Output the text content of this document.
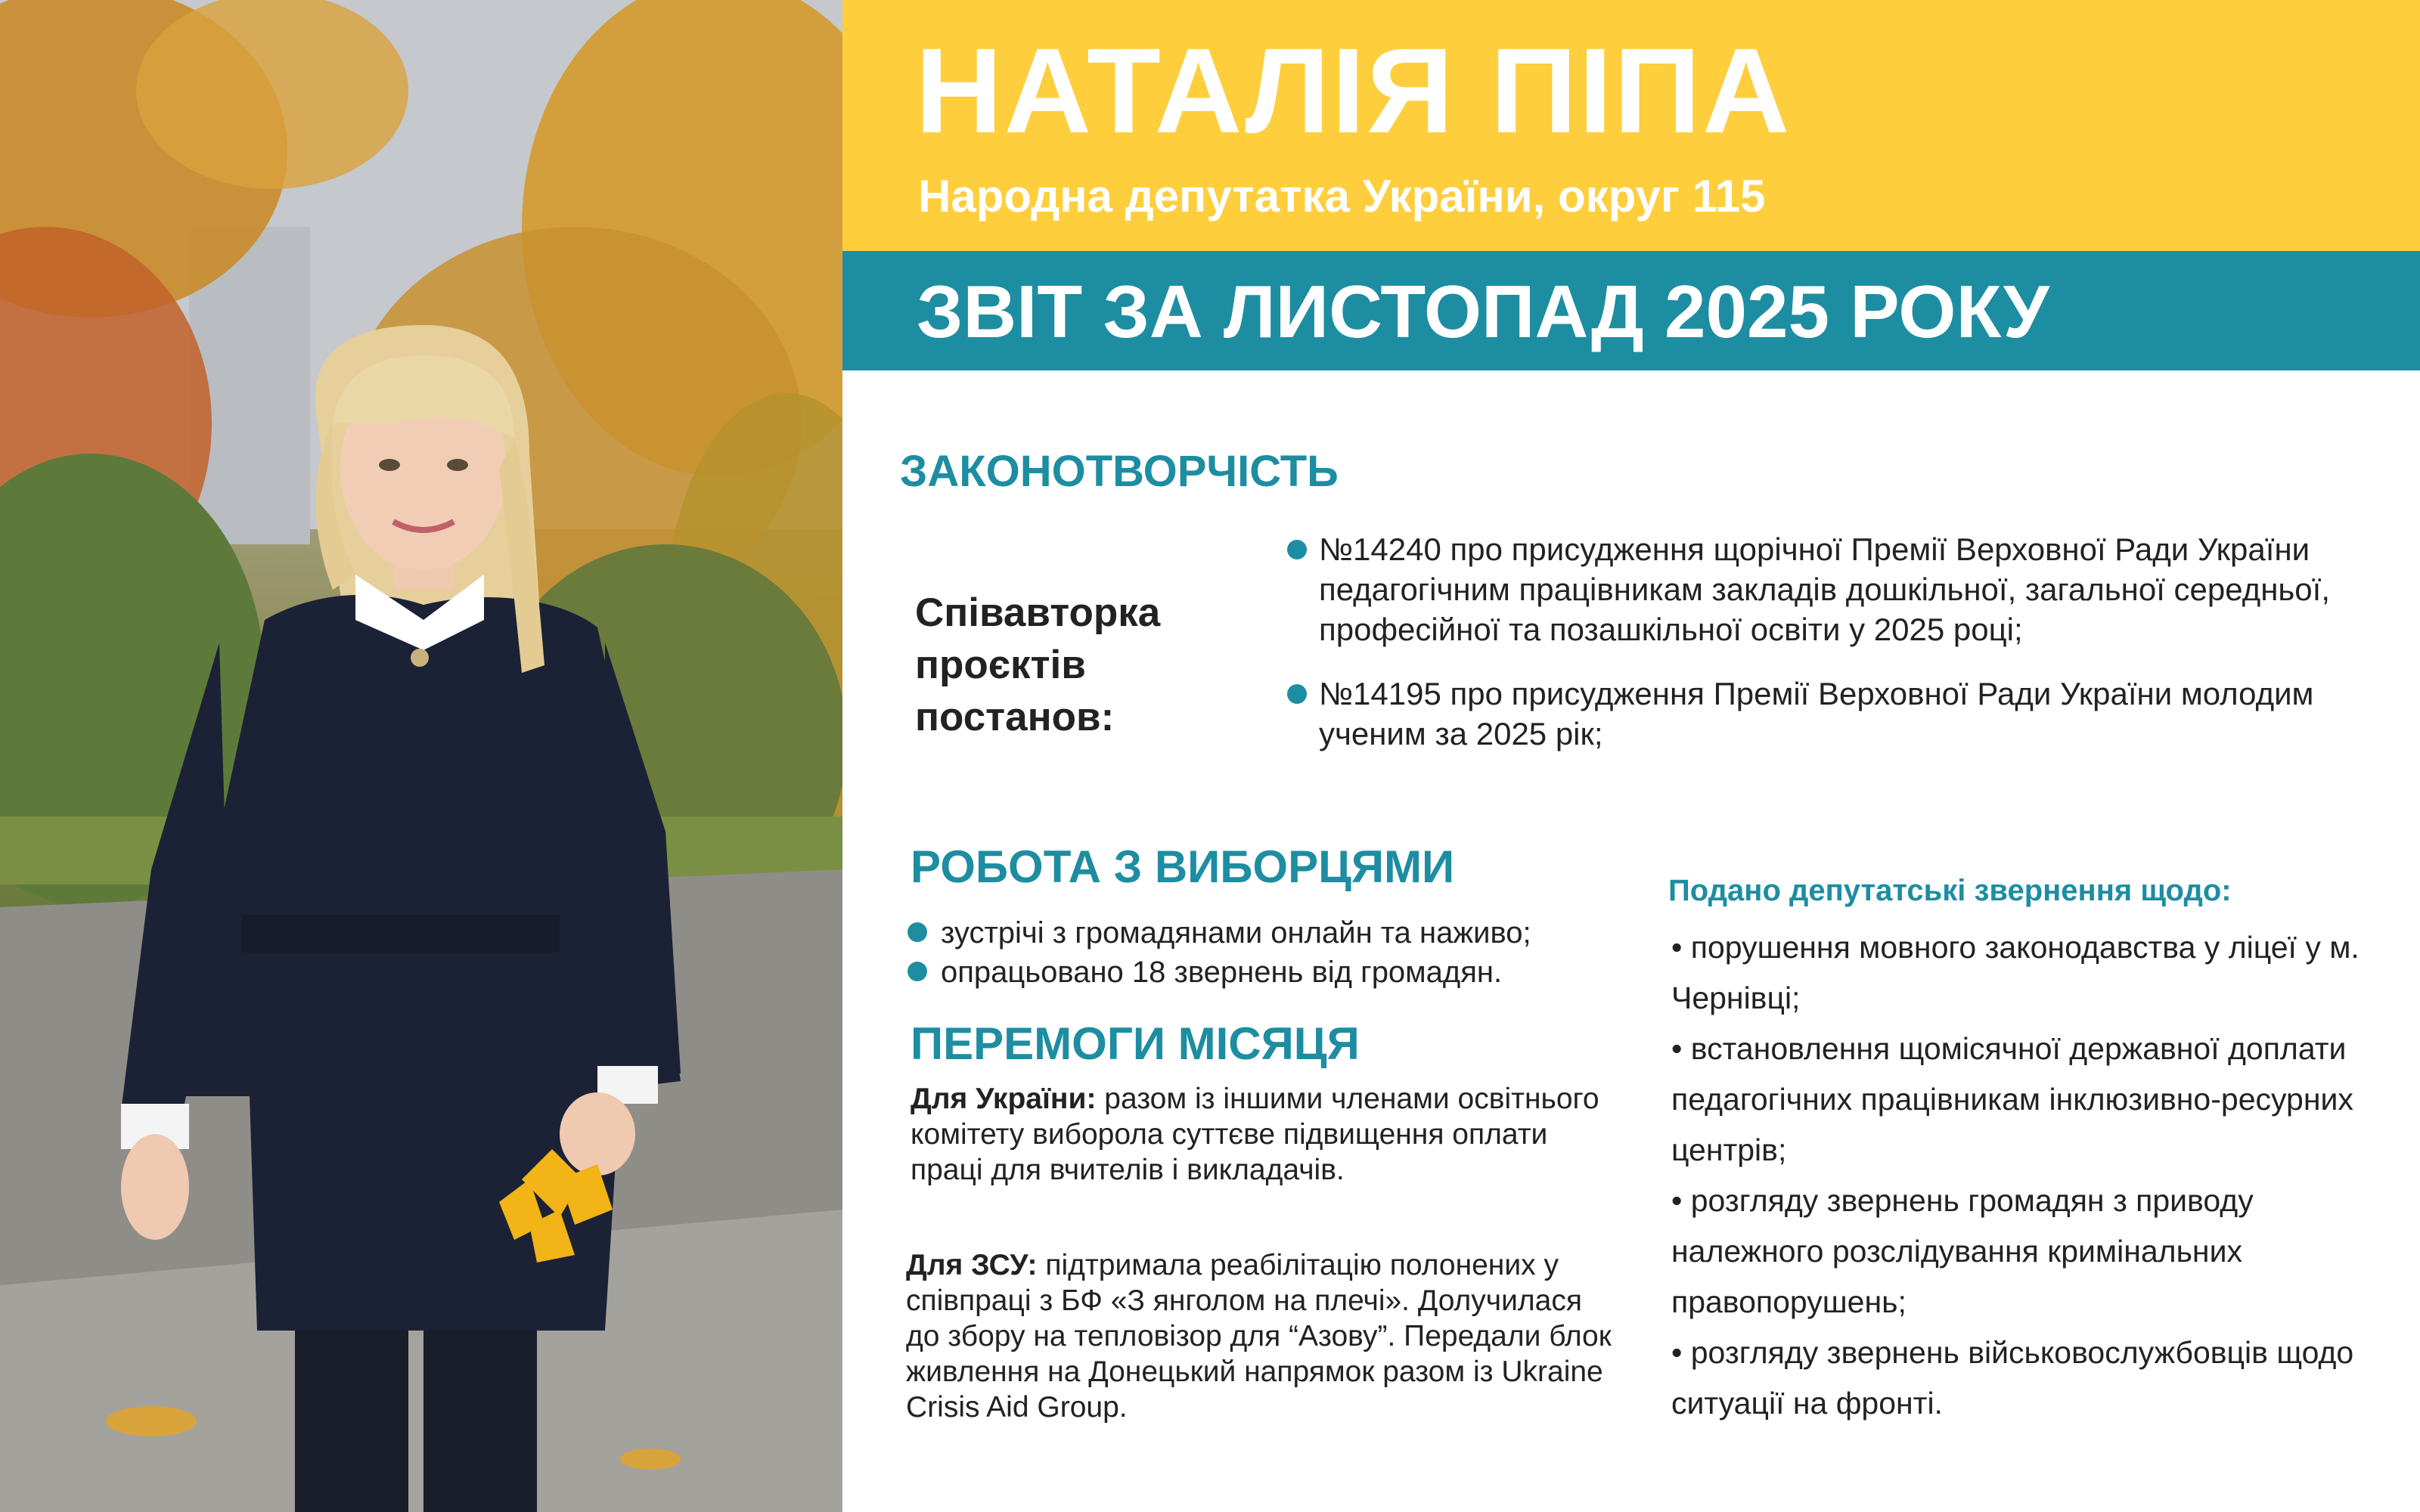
НАТАЛІЯ ПІПА

Народна депутатка України, округ 115

ЗВІТ ЗА ЛИСТОПАД 2025 РОКУ
ЗАКОНОТВОРЧІСТЬ

Співавторка проєктів постанов:

№14240 про присудження щорічної Премії Верховної Ради України педагогічним працівникам закладів дошкільної, загальної середньої, професійної та позашкільної освіти у 2025 році;
№14195 про присудження Премії Верховної Ради України молодим ученим за 2025 рік;
РОБОТА З ВИБОРЦЯМИ
зустрічі з громадянами онлайн та наживо;
опрацьовано 18 звернень від громадян.
ПЕРЕМОГИ МІСЯЦЯ

Для України: разом із іншими членами освітнього комітету виборола суттєве підвищення оплати праці для вчителів і викладачів.

Для ЗСУ: підтримала реабілітацію полонених у співпраці з БФ «З янголом на плечі». Долучилася до збору на тепловізор для “Азову”. Передали блок живлення на Донецький напрямок разом із Ukraine Crisis Aid Group.

Подано депутатські звернення щодо:

• порушення мовного законодавства у ліцеї у м. Чернівці;
• встановлення щомісячної державної доплати педагогічних працівникам інклюзивно-ресурних центрів;
• розгляду звернень громадян з приводу належного розслідування кримінальних правопорушень;
• розгляду звернень військовослужбовців щодо ситуації на фронті.
